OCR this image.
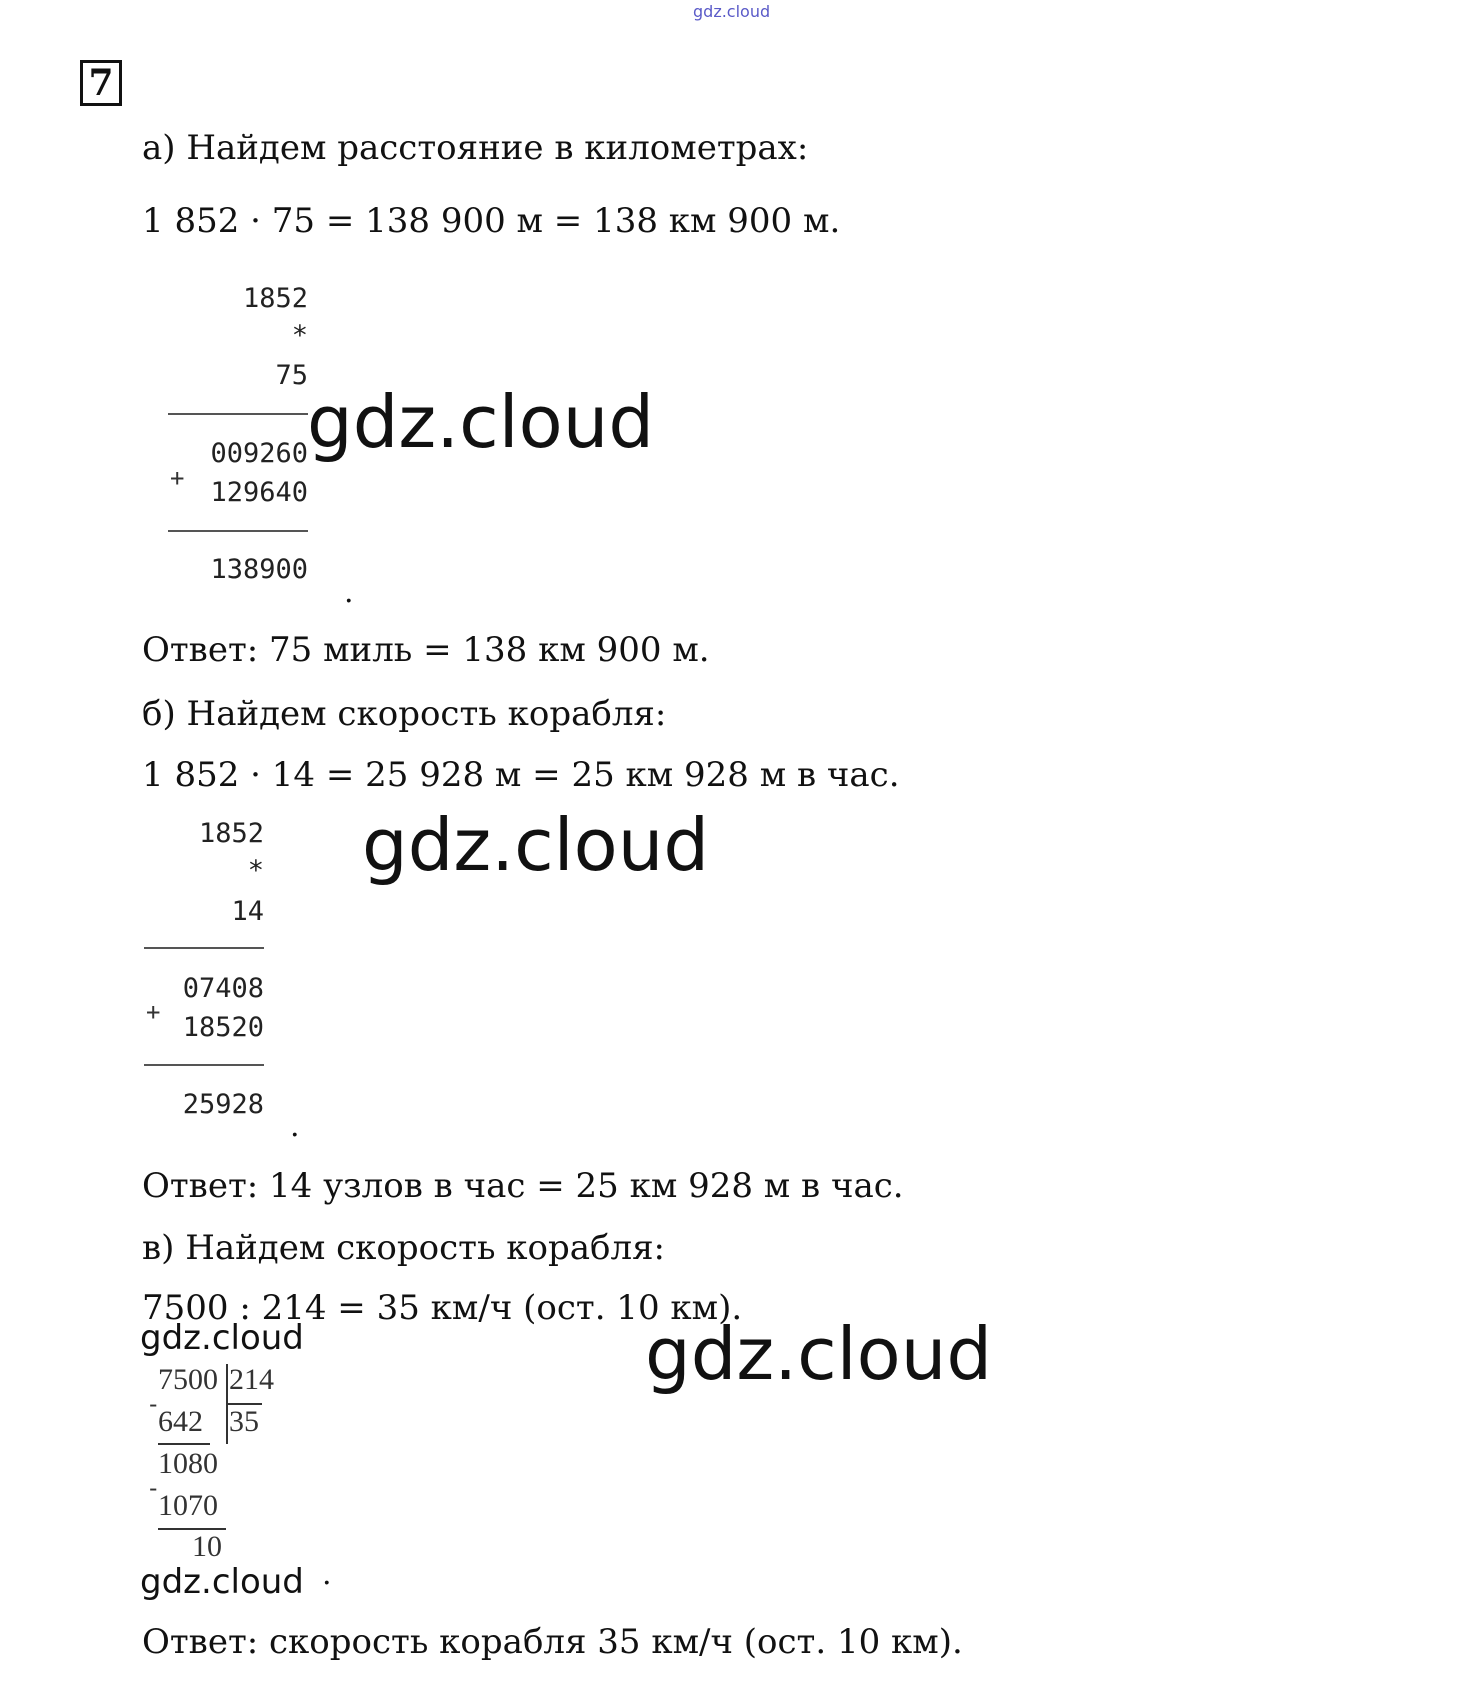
gdz.cloud
7
а) Найдем расстояние в километрах:
1 852 · 75 = 138 900 м = 138 км 900 м.
1852
*
75
009260
+ 129640
138900
.
gdz.cloud
Ответ: 75 миль = 138 км 900 м.
б) Найдем скорость корабля:
1 852 · 14 = 25 928 м = 25 км 928 м в час.
1852
*
14
07408
+ 18520
25928
.
gdz.cloud
Ответ: 14 узлов в час = 25 км 928 м в час.
в) Найдем скорость корабля:
7500 : 214 = 35 км/ч (ост. 10 км).
gdz.cloud
7500 214
-
642 35
1080
-
1070
10
.
gdz.cloud
gdz.cloud
Ответ: скорость корабля 35 км/ч (ост. 10 км).
